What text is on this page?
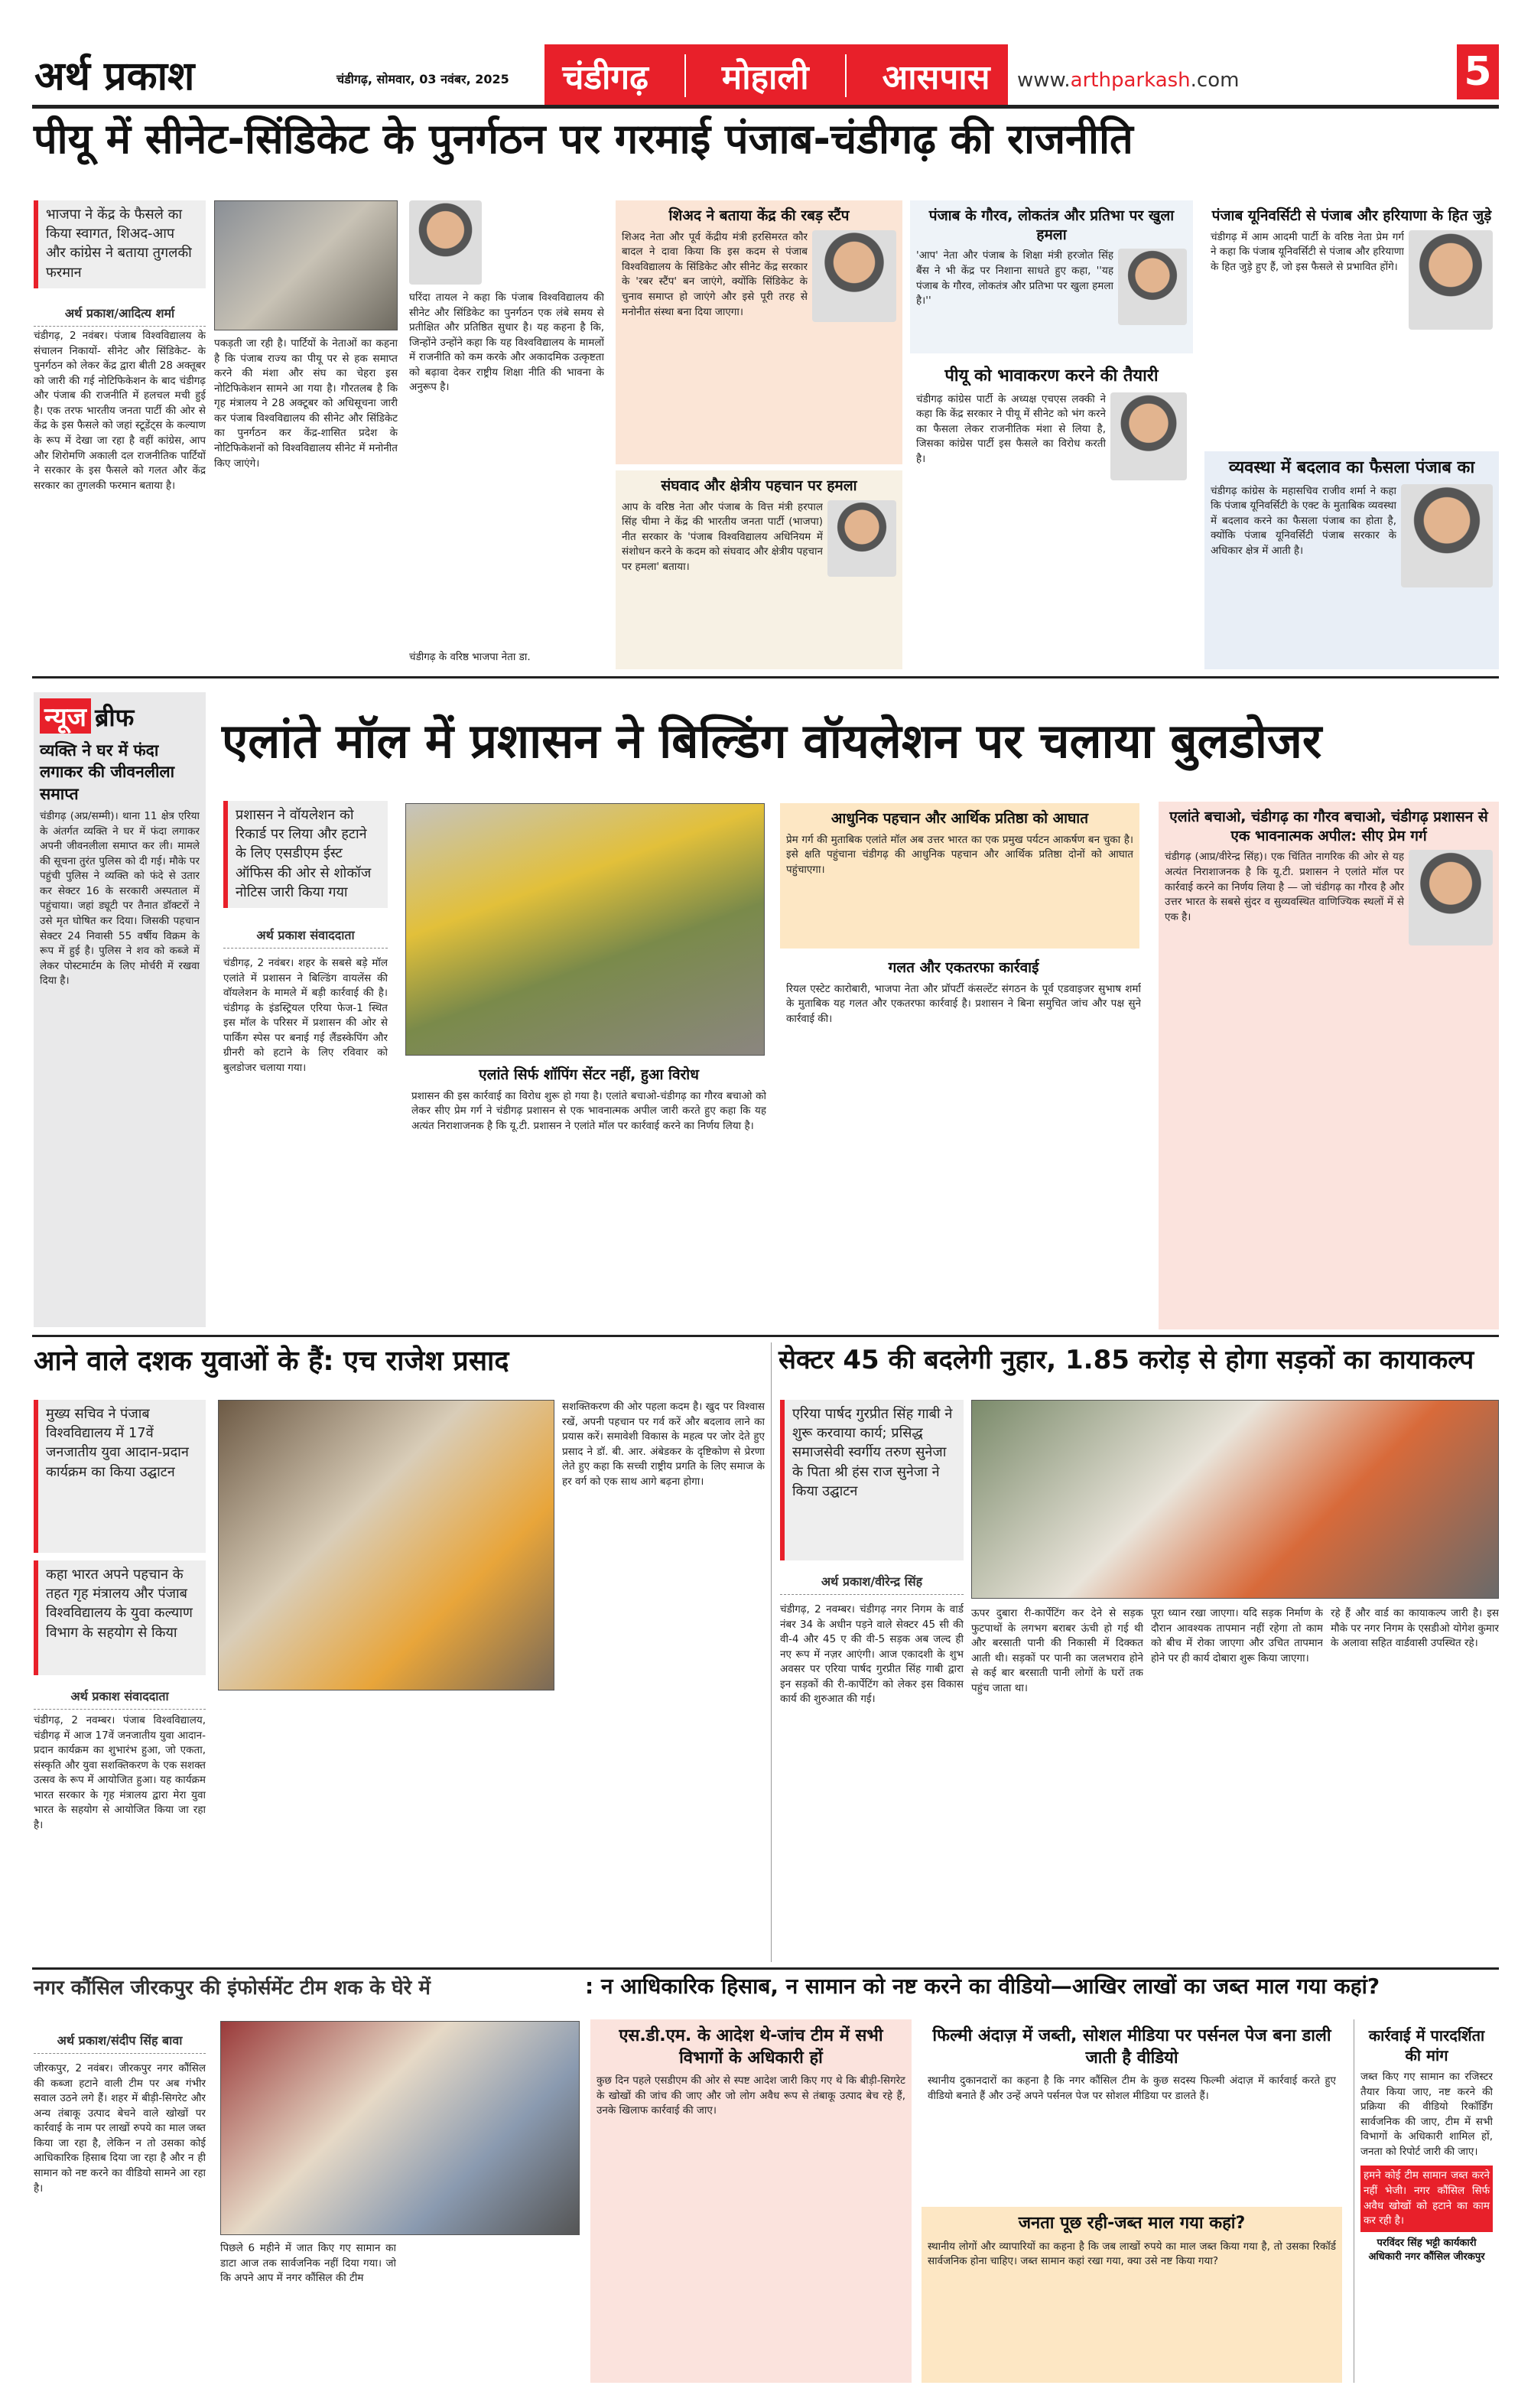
अर्थ प्रकाश	चंडीगढ़, सोमवार, 03 नवंबर, 2025	चंडीगढ़ मोहाली आसपास www.arthparkash.com	5
पीयू में सीनेट-सिंडिकेट के पुनर्गठन पर गरमाई पंजाब-चंडीगढ़ की राजनीति
भाजपा ने केंद्र के फैसले का किया स्वागत, शिअद-आप और कांग्रेस ने बताया तुगलकी फरमान
अर्थ प्रकाश/आदित्य शर्मा
चंडीगढ़, 2 नवंबर। पंजाब विश्वविद्यालय के संचालन निकायों- सीनेट और सिंडिकेट- के पुनर्गठन को लेकर केंद्र द्वारा बीती 28 अक्तूबर को जारी की गई नोटिफिकेशन के बाद चंडीगढ़ और पंजाब की राजनीति में हलचल मची हुई है। एक तरफ भारतीय जनता पार्टी की ओर से केंद्र के इस फैसले को जहां स्टूडेंट्स के कल्याण के रूप में देखा जा रहा है वहीं कांग्रेस, आप और शिरोमणि अकाली दल राजनीतिक पार्टियों ने सरकार के इस फैसले को गलत और केंद्र सरकार का तुगलकी फरमान बताया है।
पकड़ती जा रही है। पार्टियों के नेताओं का कहना है कि पंजाब राज्य का पीयू पर से हक समाप्त करने की मंशा और संघ का चेहरा इस नोटिफिकेशन सामने आ गया है। गौरतलब है कि गृह मंत्रालय ने 28 अक्टूबर को अधिसूचना जारी कर पंजाब विश्वविद्यालय की सीनेट और सिंडिकेट का पुनर्गठन कर केंद्र-शासित प्रदेश के नोटिफिकेशनों को विश्वविद्यालय सीनेट में मनोनीत किए जाएंगे।
घरिंदा तायल ने कहा कि पंजाब विश्वविद्यालय की सीनेट और सिंडिकेट का पुनर्गठन एक लंबे समय से प्रतीक्षित और प्रतिष्ठित सुधार है। यह कहना है कि, जिन्होंने उन्होंने कहा कि यह विश्वविद्यालय के मामलों में राजनीति को कम करके और अकादमिक उत्कृष्टता को बढ़ावा देकर राष्ट्रीय शिक्षा नीति की भावना के अनुरूप है।
चंडीगढ़ के वरिष्ठ भाजपा नेता डा.
शिअद ने बताया केंद्र की रबड़ स्टैंप
शिअद नेता और पूर्व केंद्रीय मंत्री हरसिमरत कौर बादल ने दावा किया कि इस कदम से पंजाब विश्वविद्यालय के सिंडिकेट और सीनेट केंद्र सरकार के 'रबर स्टैंप' बन जाएंगे, क्योंकि सिंडिकेट के चुनाव समाप्त हो जाएंगे और इसे पूरी तरह से मनोनीत संस्था बना दिया जाएगा।
संघवाद और क्षेत्रीय पहचान पर हमला
आप के वरिष्ठ नेता और पंजाब के वित्त मंत्री हरपाल सिंह चीमा ने केंद्र की भारतीय जनता पार्टी (भाजपा) नीत सरकार के 'पंजाब विश्वविद्यालय अधिनियम में संशोधन करने के कदम को संघवाद और क्षेत्रीय पहचान पर हमला' बताया।
पंजाब के गौरव, लोकतंत्र और प्रतिभा पर खुला हमला
'आप' नेता और पंजाब के शिक्षा मंत्री हरजोत सिंह बैंस ने भी केंद्र पर निशाना साधते हुए कहा, ''यह पंजाब के गौरव, लोकतंत्र और प्रतिभा पर खुला हमला है।''
पीयू को भावाकरण करने की तैयारी
चंडीगढ़ कांग्रेस पार्टी के अध्यक्ष एचएस लक्की ने कहा कि केंद्र सरकार ने पीयू में सीनेट को भंग करने का फैसला लेकर राजनीतिक मंशा से लिया है, जिसका कांग्रेस पार्टी इस फैसले का विरोध करती है।
पंजाब यूनिवर्सिटी से पंजाब और हरियाणा के हित जुड़े
चंडीगढ़ में आम आदमी पार्टी के वरिष्ठ नेता प्रेम गर्ग ने कहा कि पंजाब यूनिवर्सिटी से पंजाब और हरियाणा के हित जुड़े हुए हैं, जो इस फैसले से प्रभावित होंगे।
व्यवस्था में बदलाव का फैसला पंजाब का
चंडीगढ़ कांग्रेस के महासचिव राजीव शर्मा ने कहा कि पंजाब यूनिवर्सिटी के एक्ट के मुताबिक व्यवस्था में बदलाव करने का फैसला पंजाब का होता है, क्योंकि पंजाब यूनिवर्सिटी पंजाब सरकार के अधिकार क्षेत्र में आती है।
न्यूज ब्रीफ
व्यक्ति ने घर में फंदा लगाकर की जीवनलीला समाप्त
चंडीगढ़ (अप्र/सम्मी)। थाना 11 क्षेत्र एरिया के अंतर्गत व्यक्ति ने घर में फंदा लगाकर अपनी जीवनलीला समाप्त कर ली। मामले की सूचना तुरंत पुलिस को दी गई। मौके पर पहुंची पुलिस ने व्यक्ति को फंदे से उतार कर सेक्टर 16 के सरकारी अस्पताल में पहुंचाया। जहां ड्यूटी पर तैनात डॉक्टरों ने उसे मृत घोषित कर दिया। जिसकी पहचान सेक्टर 24 निवासी 55 वर्षीय विक्रम के रूप में हुई है। पुलिस ने शव को कब्जे में लेकर पोस्टमार्टम के लिए मोर्चरी में रखवा दिया है।
एलांते मॉल में प्रशासन ने बिल्डिंग वॉयलेशन पर चलाया बुलडोजर
प्रशासन ने वॉयलेशन को रिकार्ड पर लिया और हटाने के लिए एसडीएम ईस्ट ऑफिस की ओर से शोकॉज नोटिस जारी किया गया
अर्थ प्रकाश संवाददाता
चंडीगढ़, 2 नवंबर। शहर के सबसे बड़े मॉल एलांते में प्रशासन ने बिल्डिंग वायलेंस की वॉयलेशन के मामले में बड़ी कार्रवाई की है। चंडीगढ़ के इंडस्ट्रियल एरिया फेज-1 स्थित इस मॉल के परिसर में प्रशासन की ओर से पार्किंग स्पेस पर बनाई गई लैंडस्केपिंग और ग्रीनरी को हटाने के लिए रविवार को बुलडोजर चलाया गया।	एलांते सिर्फ शॉपिंग सेंटर नहीं, हुआ विरोध
प्रशासन की इस कार्रवाई का विरोध शुरू हो गया है। एलांते बचाओ-चंडीगढ़ का गौरव बचाओ को लेकर सीए प्रेम गर्ग ने चंडीगढ़ प्रशासन से एक भावनात्मक अपील जारी करते हुए कहा कि यह अत्यंत निराशाजनक है कि यू.टी. प्रशासन ने एलांते मॉल पर कार्रवाई करने का निर्णय लिया है।
आधुनिक पहचान और आर्थिक प्रतिष्ठा को आघात
प्रेम गर्ग की मुताबिक एलांते मॉल अब उत्तर भारत का एक प्रमुख पर्यटन आकर्षण बन चुका है। इसे क्षति पहुंचाना चंडीगढ़ की आधुनिक पहचान और आर्थिक प्रतिष्ठा दोनों को आघात पहुंचाएगा।
गलत और एकतरफा कार्रवाई
रियल एस्टेट कारोबारी, भाजपा नेता और प्रॉपर्टी कंसल्टेंट संगठन के पूर्व एडवाइजर सुभाष शर्मा के मुताबिक यह गलत और एकतरफा कार्रवाई है। प्रशासन ने बिना समुचित जांच और पक्ष सुने कार्रवाई की।
एलांते बचाओ, चंडीगढ़ का गौरव बचाओ, चंडीगढ़ प्रशासन से एक भावनात्मक अपील: सीए प्रेम गर्ग
चंडीगढ़ (आप्र/वीरेन्द्र सिंह)। एक चिंतित नागरिक की ओर से यह अत्यंत निराशाजनक है कि यू.टी. प्रशासन ने एलांते मॉल पर कार्रवाई करने का निर्णय लिया है — जो चंडीगढ़ का गौरव है और उत्तर भारत के सबसे सुंदर व सुव्यवस्थित वाणिज्यिक स्थलों में से एक है।
आने वाले दशक युवाओं के हैं: एच राजेश प्रसाद
मुख्य सचिव ने पंजाब विश्वविद्यालय में 17वें जनजातीय युवा आदान-प्रदान कार्यक्रम का किया उद्घाटन
कहा भारत अपने पहचान के तहत गृह मंत्रालय और पंजाब विश्वविद्यालय के युवा कल्याण विभाग के सहयोग से किया
अर्थ प्रकाश संवाददाता
चंडीगढ़, 2 नवम्बर। पंजाब विश्वविद्यालय, चंडीगढ़ में आज 17वें जनजातीय युवा आदान-प्रदान कार्यक्रम का शुभारंभ हुआ, जो एकता, संस्कृति और युवा सशक्तिकरण के एक सशक्त उत्सव के रूप में आयोजित हुआ। यह कार्यक्रम भारत सरकार के गृह मंत्रालय द्वारा मेरा युवा भारत के सहयोग से आयोजित किया जा रहा है।
सशक्तिकरण की ओर पहला कदम है। खुद पर विश्वास रखें, अपनी पहचान पर गर्व करें और बदलाव लाने का प्रयास करें। समावेशी विकास के महत्व पर जोर देते हुए प्रसाद ने डॉ. बी. आर. अंबेडकर के दृष्टिकोण से प्रेरणा लेते हुए कहा कि सच्ची राष्ट्रीय प्रगति के लिए समाज के हर वर्ग को एक साथ आगे बढ़ना होगा।
सेक्टर 45 की बदलेगी नुहार, 1.85 करोड़ से होगा सड़कों का कायाकल्प
एरिया पार्षद गुरप्रीत सिंह गाबी ने शुरू करवाया कार्य; प्रसिद्ध समाजसेवी स्वर्गीय तरुण सुनेजा के पिता श्री हंस राज सुनेजा ने किया उद्घाटन
अर्थ प्रकाश/वीरेन्द्र सिंह
चंडीगढ़, 2 नवम्बर। चंडीगढ़ नगर निगम के वार्ड नंबर 34 के अधीन पड़ने वाले सेक्टर 45 सी की वी-4 और 45 ए की वी-5 सड़क अब जल्द ही नए रूप में नज़र आएंगी। आज एकादशी के शुभ अवसर पर एरिया पार्षद गुरप्रीत सिंह गाबी द्वारा इन सड़कों की री-कार्पेटिंग को लेकर इस विकास कार्य की शुरुआत की गई।
ऊपर दुबारा री-कार्पेटिंग कर देने से सड़क फुटपाथों के लगभग बराबर ऊंची हो गई थी और बरसाती पानी की निकासी में दिक्कत आती थी। सड़कों पर पानी का जलभराव होने से कई बार बरसाती पानी लोगों के घरों तक पहुंच जाता था।
पूरा ध्यान रखा जाएगा। यदि सड़क निर्माण के दौरान आवश्यक तापमान नहीं रहेगा तो काम को बीच में रोका जाएगा और उचित तापमान होने पर ही कार्य दोबारा शुरू किया जाएगा।
रहे हैं और वार्ड का कायाकल्प जारी है। इस मौके पर नगर निगम के एसडीओ योगेश कुमार के अलावा सहित वार्डवासी उपस्थित रहे।
नगर कौंसिल जीरकपुर की इंफोर्समेंट टीम शक के घेरे में	: न आधिकारिक हिसाब, न सामान को नष्ट करने का वीडियो—आखिर लाखों का जब्त माल गया कहां?
अर्थ प्रकाश/संदीप सिंह बावा
जीरकपुर, 2 नवंबर। जीरकपुर नगर कौंसिल की कब्जा हटाने वाली टीम पर अब गंभीर सवाल उठने लगे हैं। शहर में बीड़ी-सिगरेट और अन्य तंबाकू उत्पाद बेचने वाले खोखों पर कार्रवाई के नाम पर लाखों रुपये का माल जब्त किया जा रहा है, लेकिन न तो उसका कोई आधिकारिक हिसाब दिया जा रहा है और न ही सामान को नष्ट करने का वीडियो सामने आ रहा है।
पिछले 6 महीने में जात किए गए सामान का डाटा आज तक सार्वजनिक नहीं दिया गया। जो कि अपने आप में नगर कौंसिल की टीम
एस.डी.एम. के आदेश थे-जांच टीम में सभी विभागों के अधिकारी हों
कुछ दिन पहले एसडीएम की ओर से स्पष्ट आदेश जारी किए गए थे कि बीड़ी-सिगरेट के खोखों की जांच की जाए और जो लोग अवैध रूप से तंबाकू उत्पाद बेच रहे हैं, उनके खिलाफ कार्रवाई की जाए।
फिल्मी अंदाज़ में जब्ती, सोशल मीडिया पर पर्सनल पेज बना डाली जाती है वीडियो
स्थानीय दुकानदारों का कहना है कि नगर कौंसिल टीम के कुछ सदस्य फिल्मी अंदाज़ में कार्रवाई करते हुए वीडियो बनाते हैं और उन्हें अपने पर्सनल पेज पर सोशल मीडिया पर डालते हैं।
जनता पूछ रही-जब्त माल गया कहां?
स्थानीय लोगों और व्यापारियों का कहना है कि जब लाखों रुपये का माल जब्त किया गया है, तो उसका रिकॉर्ड सार्वजनिक होना चाहिए। जब्त सामान कहां रखा गया, क्या उसे नष्ट किया गया?
कार्रवाई में पारदर्शिता की मांग
जब्त किए गए सामान का रजिस्टर तैयार किया जाए, नष्ट करने की प्रक्रिया की वीडियो रिकॉर्डिंग सार्वजनिक की जाए, टीम में सभी विभागों के अधिकारी शामिल हों, जनता को रिपोर्ट जारी की जाए।
हमने कोई टीम सामान जब्त करने नहीं भेजी। नगर कौंसिल सिर्फ अवैध खोखों को हटाने का काम कर रही है।
परविंदर सिंह भट्टी कार्यकारी अधिकारी नगर कौंसिल जीरकपुर
